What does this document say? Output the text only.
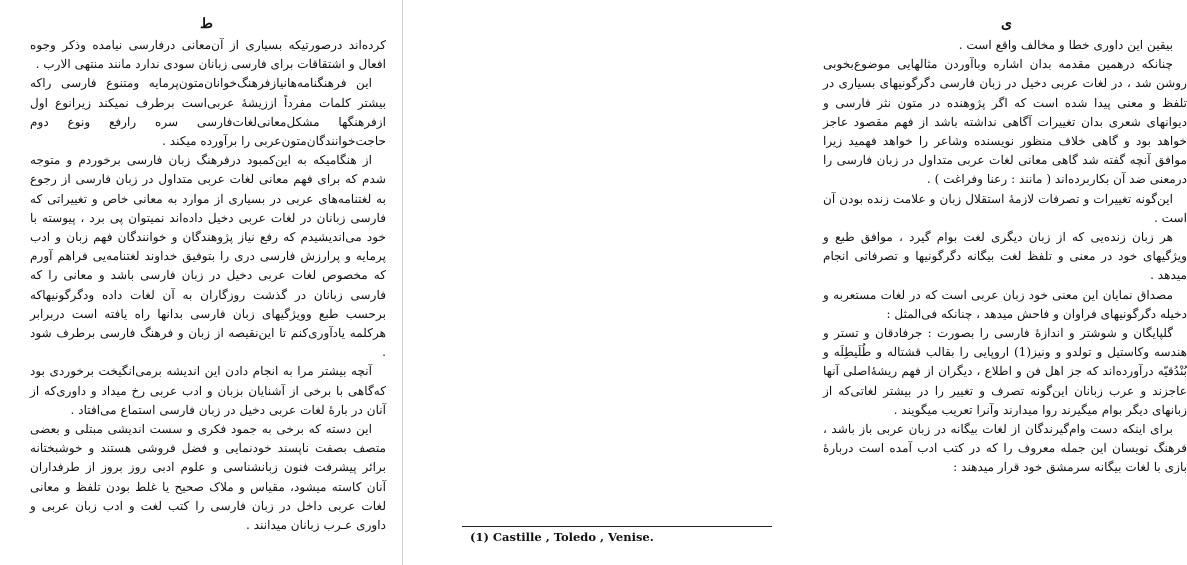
ط

کرده‌اند درصورتیکه بسیاری از آن‌معانی درفارسی نیامده وذکر وجوه افعال و اشتقاقات برای فارسی زبانان سودی ندارد مانند منتهی الارب .

این فرهنگنامه‌هانیازفرهنگ‌خوانان‌متون‌پرمایه ومتنوع فارسی راکه بیشتر کلمات مفرداً اززیشهٔ عربی‌است برطرف نمیکند زیرانوع اول ازفرهنگها مشکل‌معانی‌لغات‌فارسی سره رارفع ونوع دوم حاجت‌خوانندگان‌متون‌عربی را برآورده میکند .

از هنگامیکه به این‌کمبود درفرهنگ زبان فارسی برخوردم و متوجه شدم که برای فهم معانی لغات عربی متداول در زبان فارسی از رجوع به لغتنامه‌های عربی در بسیاری از موارد به معانی خاص و تغییراتی که فارسی زبانان در لغات عربی دخیل داده‌اند نمیتوان پی برد ، پیوسته با خود می‌اندیشیدم که رفع نیاز پژوهندگان و خوانندگان فهم زبان و ادب پرمایه و پرارزش فارسی دری را بتوفیق خداوند لغتنامه‌یی فراهم آورم که مخصوص لغات عربی دخیل در زبان فارسی باشد و معانی را که فارسی زبانان در گذشت روزگاران به آن لغات داده ودگرگونیهاکه برحسب طبع وویژگیهای زبان فارسی بدانها راه یافته است دربرابر هرکلمه یادآوری‌کنم تا این‌نقیصه از زبان و فرهنگ فارسی برطرف شود .

آنچه بیشتر مرا به انجام دادن این اندیشه برمی‌انگیخت برخوردی بود که‌گاهی با برخی از آشنایان بزبان و ادب عربی رخ میداد و داوری‌که از آنان در بارهٔ لغات عربی دخیل در زبان فارسی استماع می‌افتاد .

این دسته که برخی به جمود فکری و سست اندیشی مبتلی و بعضی متصف بصفت ناپسند خودنمایی و فضل فروشی هستند و خوشبختانه برائر پیشرفت فنون زبانشناسی و علوم ادبی روز بروز از طرفداران آنان کاسته میشود، مقیاس و ملاک صحیح یا غلط بودن تلفظ و معانی لغات عربی داخل در زبان فارسی را کتب لغت و ادب زبان عربی و داوری عـرب زبانان میدانند .

ی

بیقین این داوری خطا و مخالف واقع است .

چنانکه درهمین مقدمه بدان اشاره وباآوردن مثالهایی موضوع‌بخوبی روشن شد ، در لغات عربی دخیل در زبان فارسی دگرگونیهای بسیاری در تلفظ و معنی پیدا شده است که اگر پژوهنده در متون نثر فارسی و دیوانهای شعری بدان تغییرات آگاهی نداشته باشد از فهم مقصود عاجز خواهد بود و گاهی خلاف منظور نویسنده وشاعر را خواهد فهمید زیرا موافق آنچه گفته شد گاهی معانی لغات عربی متداول در زبان فارسی را درمعنی ضد آن بکاربرده‌اند ( مانند : رعنا وفراغت ) .

این‌گونه تغییرات و تصرفات لازمهٔ استقلال زبان و علامت زنده بودن آن است .

هر زبان زنده‌یی که از زبان دیگری لغت بوام گیرد ، موافق طبع و ویژگیهای خود در معنی و تلفظ لغت بیگانه دگرگونیها و تصرفاتی انجام میدهد .

مصداق نمایان این معنی خود زبان عربی است که در لغات مستعربه و دخیله دگرگونیهای فراوان و فاحش میدهد ، چنانکه فی‌المثل :

گلپایگان و شوشتر و اندازهٔ فارسی را بصورت : جرفادقان و تستر و هندسه وکاستیل و تولدو و ونیز(1) اروپایی را بقالب قشتاله و طُلَیطِلَه و بُنْدُقیّه درآورده‌اند که جز اهل فن و اطلاع ، دیگران از فهم ریشهٔ‌اصلی آنها عاجزند و عرب زبانان این‌گونه تصرف و تغییر را در بیشتر لغاتی‌که از زبانهای دیگر بوام میگیرند روا میدارند وآنرا تعریب میگویند .

برای اینکه دست وام‌گیرندگان از لغات بیگانه در زبان عربی باز باشد ، فرهنگ نویسان این جمله معروف را که در کتب ادب آمده است دربارهٔ بازی با لغات بیگانه سرمشق خود قرار میدهند :

(1) Castille , Toledo , Venise.
